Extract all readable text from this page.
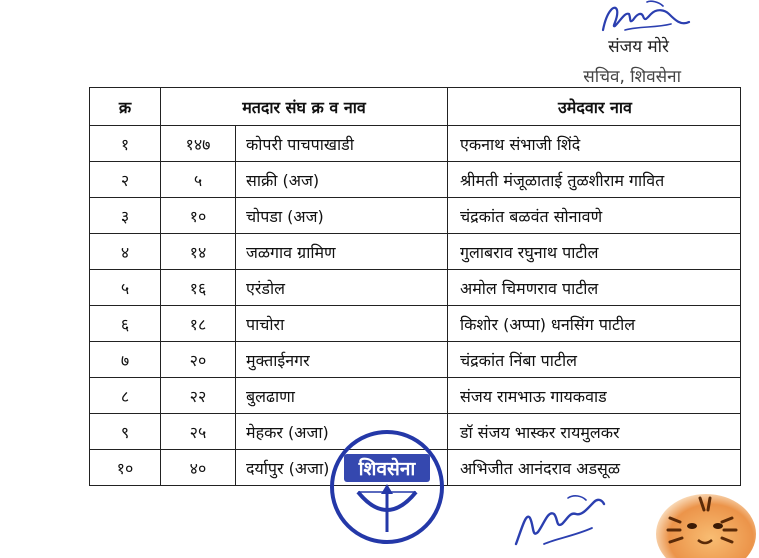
संजय मोरे
सचिव, शिवसेना
क्र	मतदार संघ क्र व नाव		उमेदवार नाव
१	१४७	कोपरी पाचपाखाडी	एकनाथ संभाजी शिंदे
२	५	साक्री (अज)	श्रीमती मंजूळाताई तुळशीराम गावित
३	१०	चोपडा (अज)	चंद्रकांत बळवंत सोनावणे
४	१४	जळगाव ग्रामिण	गुलाबराव रघुनाथ पाटील
५	१६	एरंडोल	अमोल चिमणराव पाटील
६	१८	पाचोरा	किशोर (अप्पा) धनसिंग पाटील
७	२०	मुक्ताईनगर	चंद्रकांत निंबा पाटील
८	२२	बुलढाणा	संजय रामभाऊ गायकवाड
९	२५	मेहकर (अजा)	डॉ संजय भास्कर रायमुलकर
१०	४०	दर्यापुर (अजा)	अभिजीत आनंदराव अडसूळ
शिवसेना
